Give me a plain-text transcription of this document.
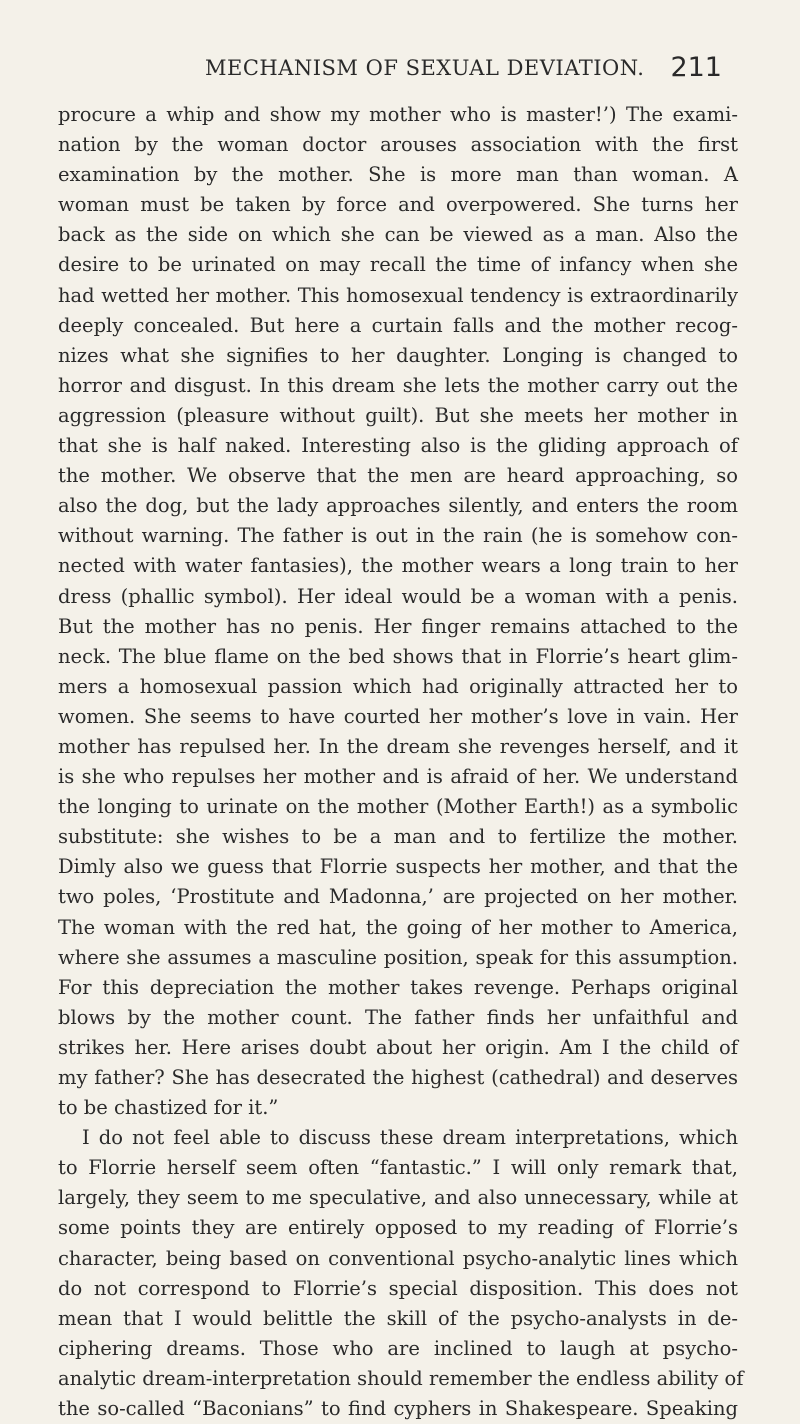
MECHANISM OF SEXUAL DEVIATION. 211
procure a whip and show my mother who is master!’) The exami-
nation by the woman doctor arouses association with the first
examination by the mother. She is more man than woman. A
woman must be taken by force and overpowered. She turns her
back as the side on which she can be viewed as a man. Also the
desire to be urinated on may recall the time of infancy when she
had wetted her mother. This homosexual tendency is extraordinarily
deeply concealed. But here a curtain falls and the mother recog-
nizes what she signifies to her daughter. Longing is changed to
horror and disgust. In this dream she lets the mother carry out the
aggression (pleasure without guilt). But she meets her mother in
that she is half naked. Interesting also is the gliding approach of
the mother. We observe that the men are heard approaching, so
also the dog, but the lady approaches silently, and enters the room
without warning. The father is out in the rain (he is somehow con-
nected with water fantasies), the mother wears a long train to her
dress (phallic symbol). Her ideal would be a woman with a penis.
But the mother has no penis. Her finger remains attached to the
neck. The blue flame on the bed shows that in Florrie’s heart glim-
mers a homosexual passion which had originally attracted her to
women. She seems to have courted her mother’s love in vain. Her
mother has repulsed her. In the dream she revenges herself, and it
is she who repulses her mother and is afraid of her. We understand
the longing to urinate on the mother (Mother Earth!) as a symbolic
substitute: she wishes to be a man and to fertilize the mother.
Dimly also we guess that Florrie suspects her mother, and that the
two poles, ‘Prostitute and Madonna,’ are projected on her mother.
The woman with the red hat, the going of her mother to America,
where she assumes a masculine position, speak for this assumption.
For this depreciation the mother takes revenge. Perhaps original
blows by the mother count. The father finds her unfaithful and
strikes her. Here arises doubt about her origin. Am I the child of
my father? She has desecrated the highest (cathedral) and deserves
to be chastized for it.”
I do not feel able to discuss these dream interpretations, which
to Florrie herself seem often “fantastic.” I will only remark that,
largely, they seem to me speculative, and also unnecessary, while at
some points they are entirely opposed to my reading of Florrie’s
character, being based on conventional psycho-analytic lines which
do not correspond to Florrie’s special disposition. This does not
mean that I would belittle the skill of the psycho-analysts in de-
ciphering dreams. Those who are inclined to laugh at psycho-
analytic dream-interpretation should remember the endless ability of
the so-called “Baconians” to find cyphers in Shakespeare. Speaking
